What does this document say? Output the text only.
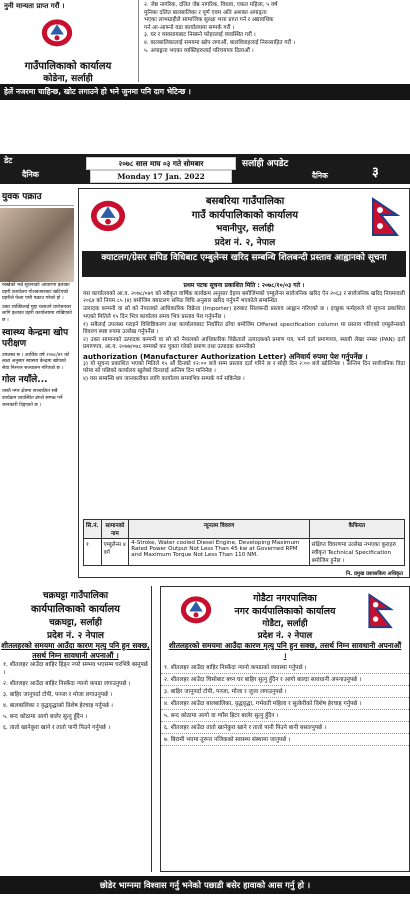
नुनी मान्यता प्राप्त गरौं ।
गाउँपालिकाको कार्यालय
कोडेना, सर्लाही
२. जेष्ठ नागरिक, दलित जेष्ठ नागरिक, विधवा, एकल महिला, ५ वर्ष
मुनिका दलित बालबालिका र पूर्ण एवम अति अशक्त अपाङ्ता
भएका लाभग्राहीले सामाजिक सुरक्षा भत्ता प्राप्त गर्न र अद्यावधिक
गर्न आ-आफ्नो वडा कार्यालयमा सम्पर्क गरौं ।
३. घर र व्यवसायबाट निस्कने फोहरलाई व्यवस्थित गरौं ।
४. बालबालिकालाई समयमा खोप लगाऔं, बालविवाहलाई निरुत्साहित गरौं ।
५. अपाङ्गता भएका व्यक्तिहरुलाई परिचयपत्र दिलाऔं ।
हेलें नजरमा चाहिन्छ, खोट लगाउने हो भने जुनमा पनि दाग भेटिन्छ ।
डेट
दैनिक
२०७८ साल माघ ०३ गते सोमबार
Monday 17 Jan. 2022
सर्लाही अपडेट
दैनिक	३
युवक पक्राउ

रक्खेको भन्ने सूचनाको आधारमा इलाका प्रहरी कार्यालय गोलबजारबाट खटिएको प्रहरीले फेला पारी पक्राउ गरेको हो ।

उक्त व्यक्तिलाई मुद्दा चलाउने प्रयोजनका लागि इलाका प्रहरी कार्यालयमा राखिएको छ ।

स्वास्थ्य केन्द्रमा खोप परीक्षण

उपलब्ध छ । आर्थिक वर्ष २०७८/७९ को लक्ष्य अनुसार स्वास्थ्य केन्द्रमा खोपको सेवा निरन्तर सञ्चालन गरिएको छ ।

गोल नयाँले...

त्यस्तै नगर क्षेत्रमा सञ्चालित सबै कार्यक्रम व्यवस्थित ढंगले सम्पन्न गर्ने जानकारी दिइएको छ ।

बसबरिया गाउँपालिका
गाउँ कार्यपालिकाको कार्यालय
भवानीपुर, सर्लाही
प्रदेश नं. २, नेपाल
क्याटलग/ग्रेसर सपिड विधिबाट एम्बुलेन्स खरिद सम्बन्धि शिलबन्दी प्रस्ताव आह्वानको सूचना
प्रथम पटक सूचना प्रकाशित मिति : २०७८/१०/०३ गते ।

यस कार्यालयको आ.व. २०७८/०७९ को स्वीकृत वार्षिक कार्यक्रम अनुसार देहाय बमोजिमको एम्बुलेन्स सार्वजनिक खरिद ऐन २०६३ र सार्वजनिक खरिद नियमावली २०६४ को नियम ८५ (४) बमोजिम क्याटलग सपिङ विधि अनुसार खरिद गर्नुपर्ने भएकोले सम्बन्धित

उत्पादक कम्पनी वा सो को नेपालको आधिकारिक विक्रेता (Importer) हरुबाट सिलबन्दी प्रस्ताव आह्वान गरिएको छ । इच्छुक फर्महरुले यो सूचना प्रकाशित भएको मितिले १५ दिन भित्र कार्यालय समय भित्र प्रस्ताव पेश गर्नुपर्नेछ ।

१) सबैलाई उपलब्ध गराइने विशिष्टिकरण तथा कार्यालयबाट निर्धारित ढाँचा बमोजिम Offered specification column मा प्रस्ताव गरिएको एम्बुलेन्सको विवरण स्पष्ट रुपमा उल्लेख गर्नुपर्नेछ ।

२) उक्त सामानको उत्पादक कम्पनी वा सो को नेपालको आधिकारिक विक्रेताले उत्पादकको प्रमाण पत्र, फर्म दर्ता प्रमाणपत्र, स्थायी लेखा नम्बर (PAN) दर्ता प्रमाणपत्र, आ.व. २०७७/०७८ सम्मको कर चुक्ता गरेको प्रमाण तथा उत्पादक कम्पनीको

authorization (Manufacturer Authorization Letter) अनिवार्य रुपमा पेश गर्नुपर्नेछ ।

३) यो सूचना प्रकाशित भएको मितिले १५ औं दिनको १२:०० बजे सम्म प्रस्ताव दर्ता गरिने छ र सोही दिन २:०० बजे खोलिनेछ । अन्तिम दिन सार्वजनिक विदा परेमा सो पछिको कार्यालय खुलेको दिनलाई अन्तिम दिन मानिनेछ ।

४) यस सम्बन्धि थप जानकारीका लागि कार्यालय समयभित्र सम्पर्क गर्न सकिनेछ ।

सि.नं.	सामानको नाम	न्युनतम विवरण	कैफियत
१	एम्बुलेन्स ४ वर्ग	4-Stroke, Water cooled Diesel Engine, Developing Maximum Rated Power Output Not Less Than 45 kw at Governed RPM and Maximum Torque Not Less Than 110 NM.	संक्षिप्त विवरणमा उल्लेख नभएका कुराहरु स्वीकृत Technical Specification बमोजिम हुनेछ ।
नि. प्रमुख प्रशासकिय अधिकृत
चक्रघट्टा गाउँपालिका
कार्यपालिकाको कार्यालय
चक्रघट्टा, सर्लाही
प्रदेश नं. २ नेपाल
शीतलहरको समयमा आउँदा कारण मृत्यु पनि हुन सक्छ, तसर्थ निम्न सावधानी अपनाऔं ।
१. शीतलहर आउँदा बाहिर हिंड्न नपरे सम्भव भएसम्म घरभित्रै बस्नुपर्छ ।
२. शीतलहर आउँदा बाहिर निस्कँदा न्यानो कपडा लगाउनुपर्छ ।
३. बाहिर जानुपर्दा टोपी, पञ्जा र मोजा लगाउनुपर्छ ।
४. बालबालिका र वृद्धवृद्धाको विशेष हेरचाह गर्नुपर्छ ।
५. बन्द कोठामा आगो बालेर सुत्नु हुँदैन ।
६. तातो खानेकुरा खाने र तातो पानी पिउने गर्नुपर्छ ।
गोडैटा नगरपालिका
नगर कार्यपालिकाको कार्यालय
गोडैटा, सर्लाही
प्रदेश नं. २ नेपाल
शीतलहरको समयमा आउँदा कारण मृत्यु पनि हुन सक्छ, तसर्थ निम्न सावधानी अपनाऔं ।
१. शीतलहर आउँदा बाहिर निस्कँदा न्यानो कपडाको व्यवस्था गर्नुपर्छ ।
२. शीतलहर आउँदा चिसोबाट बच्न घर बाहिर सुत्नु हुँदैन र आगो बाल्दा सावधानी अपनाउनुपर्छ ।
३. बाहिर जानुपर्दा टोपी, पञ्जा, मोजा र जुत्ता लगाउनुपर्छ ।
४. शीतलहर आउँदा बालबालिका, वृद्धवृद्धा, गर्भवती महिला र सुत्केरीको विशेष हेरचाह गर्नुपर्छ ।
५. बन्द कोठामा आगो वा ग्याँस हिटर बालेर सुत्नु हुँदैन ।
६. शीतलहर आउँदा तातो खानेकुरा खाने र तातो पानी पिउने बानी बसाल्नुपर्छ ।
७. बिरामी भएमा तुरुन्त नजिकको स्वास्थ्य संस्थामा जानुपर्छ ।
छोडेर भाग्नमा विश्वास गर्नु भनेको पछाडी बसेर हावाको आस गर्नु हो ।
